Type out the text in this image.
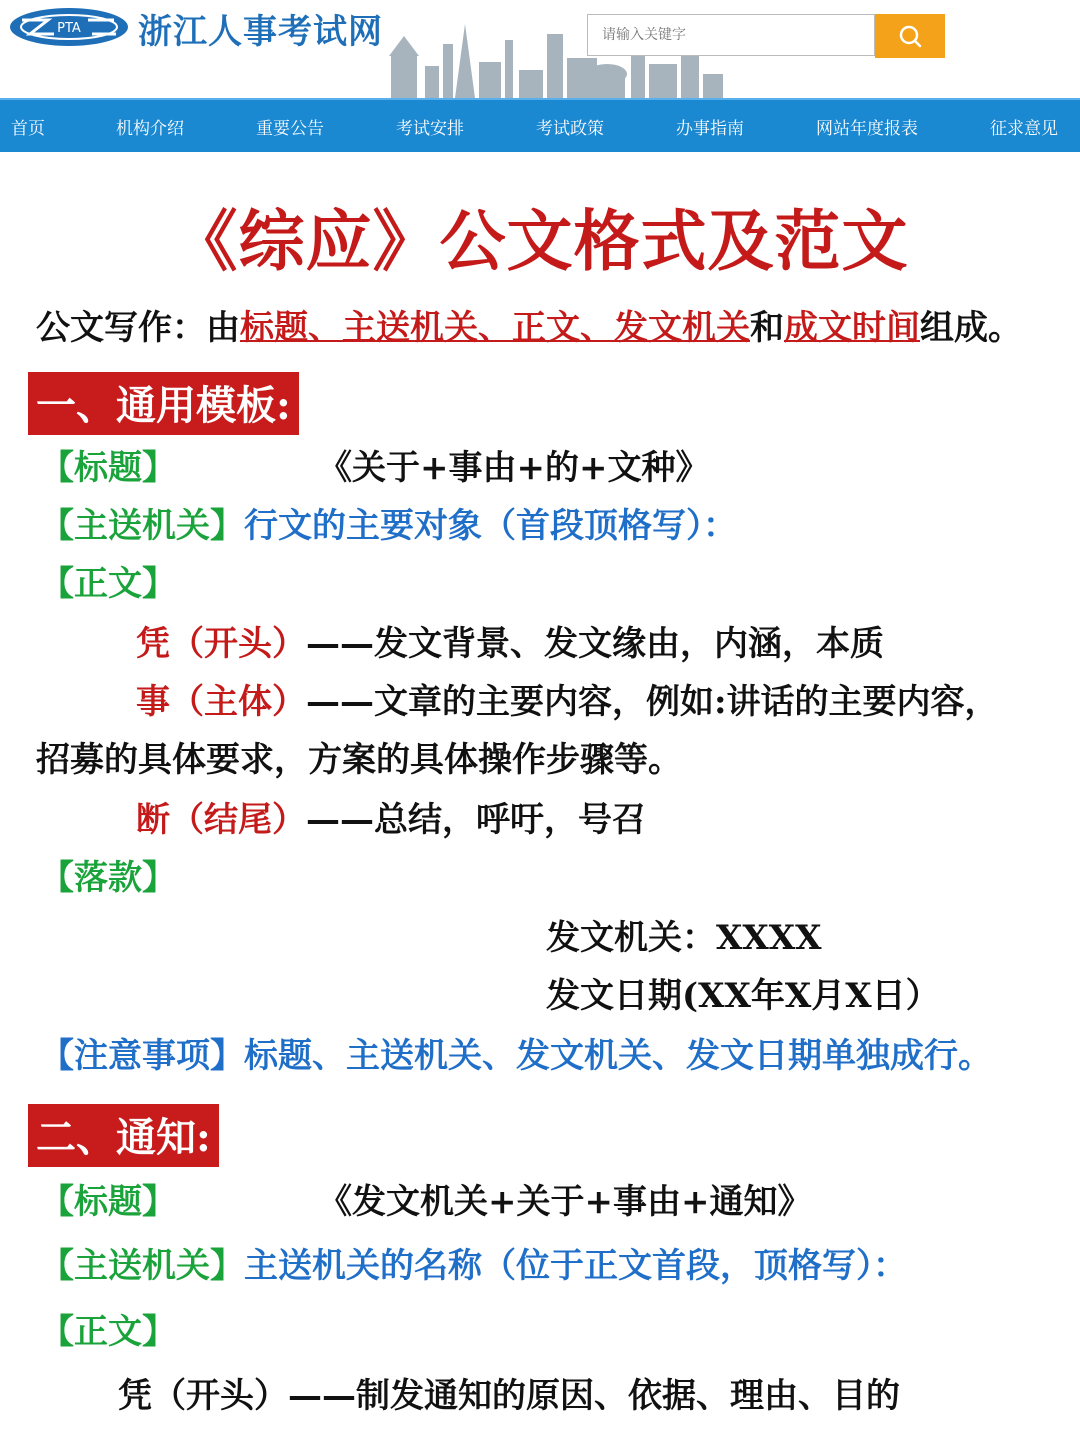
PTA 浙江人事考试网
请输入关键字
首页	机构介绍	重要公告	考试安排	考试政策	办事指南	网站年度报表	征求意见
《综应》公文格式及范文
公文写作：由标题、主送机关、正文、发文机关和成文时间组成。
一、通用模板:
【标题】	《关于+事由+的+文种》
【主送机关】行文的主要对象（首段顶格写）：
【正文】
凭（开头）——发文背景、发文缘由，内涵，本质
事（主体）——文章的主要内容，例如:讲话的主要内容，
招募的具体要求，方案的具体操作步骤等。
断（结尾）——总结，呼吁，号召
【落款】
发文机关：XXXX
发文日期(XX年X月X日）
【注意事项】标题、主送机关、发文机关、发文日期单独成行。
二、通知:
【标题】	《发文机关+关于+事由+通知》
【主送机关】主送机关的名称（位于正文首段，顶格写）：
【正文】
凭（开头）——制发通知的原因、依据、理由、目的
